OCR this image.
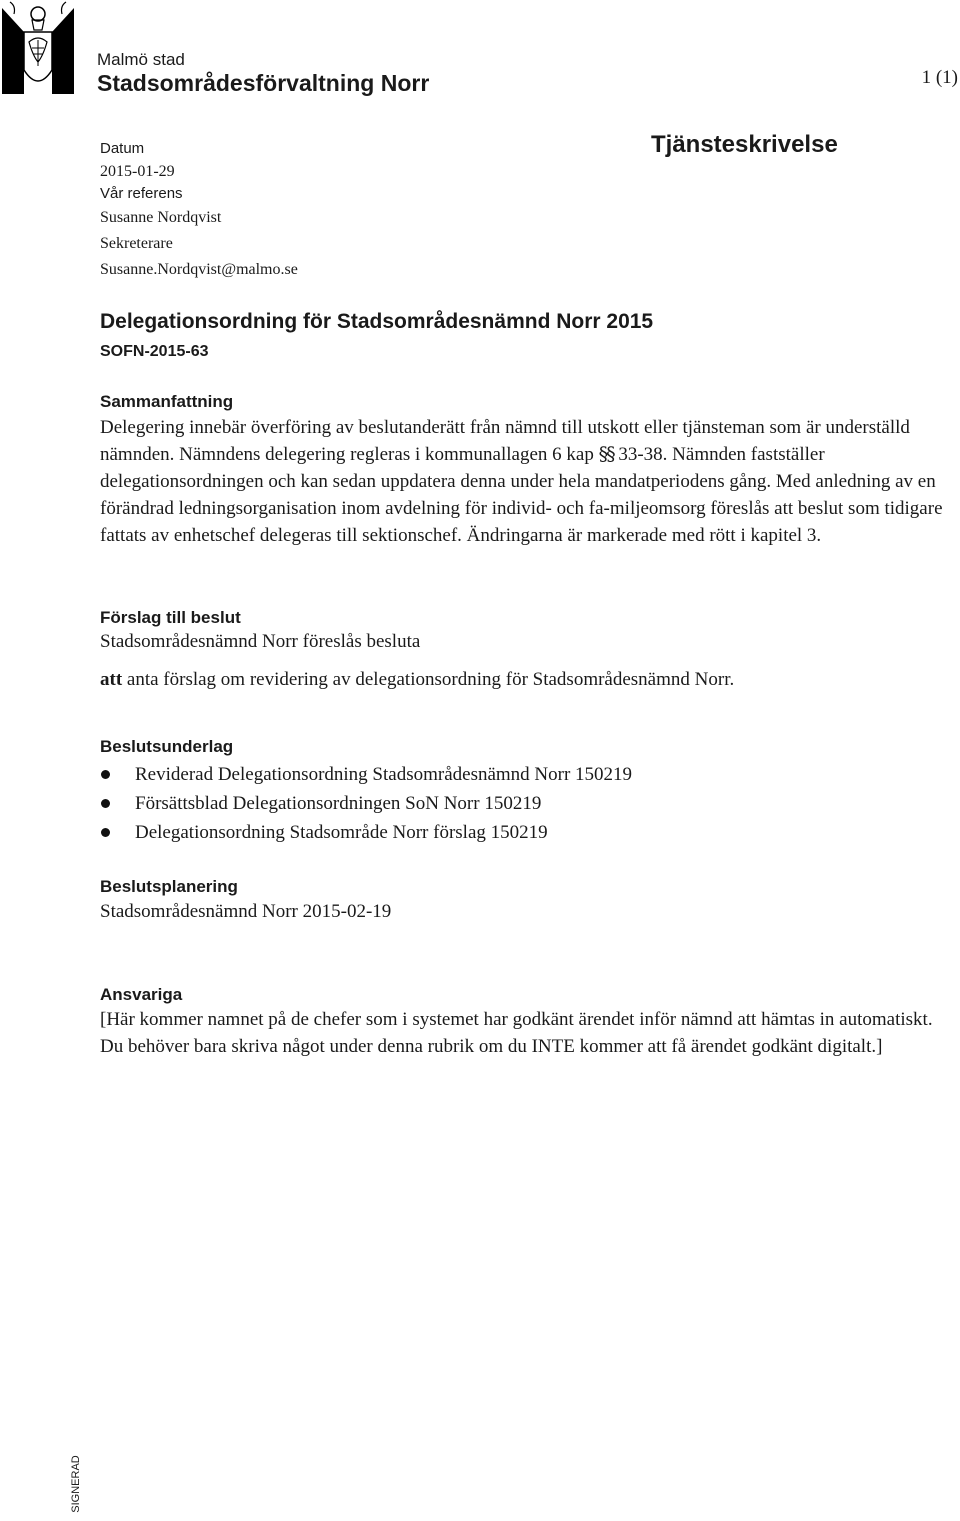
Malmö stad
Stadsområdesförvaltning Norr	1 (1)
Datum
2015-01-29
Vår referens
Susanne Nordqvist
Sekreterare
Susanne.Nordqvist@malmo.se
Tjänsteskrivelse
Delegationsordning för Stadsområdesnämnd Norr 2015
SOFN-2015-63
Sammanfattning
Delegering innebär överföring av beslutanderätt från nämnd till utskott eller tjänsteman som är underställd nämnden. Nämndens delegering regleras i kommunallagen 6 kap §§ 33-38. Nämnden fastställer delegationsordningen och kan sedan uppdatera denna under hela mandatperiodens gång. Med anledning av en förändrad ledningsorganisation inom avdelning för individ- och fa-miljeomsorg föreslås att beslut som tidigare fattats av enhetschef delegeras till sektionschef. Ändringarna är markerade med rött i kapitel 3.
Förslag till beslut
Stadsområdesnämnd Norr föreslås besluta
att anta förslag om revidering av delegationsordning för Stadsområdesnämnd Norr.
Beslutsunderlag
Reviderad Delegationsordning Stadsområdesnämnd Norr 150219
Försättsblad Delegationsordningen SoN Norr 150219
Delegationsordning Stadsområde Norr förslag 150219
Beslutsplanering
Stadsområdesnämnd Norr 2015-02-19
Ansvariga
[Här kommer namnet på de chefer som i systemet har godkänt ärendet inför nämnd att hämtas in automatiskt. Du behöver bara skriva något under denna rubrik om du INTE kommer att få ärendet godkänt digitalt.]
SIGNERAD
